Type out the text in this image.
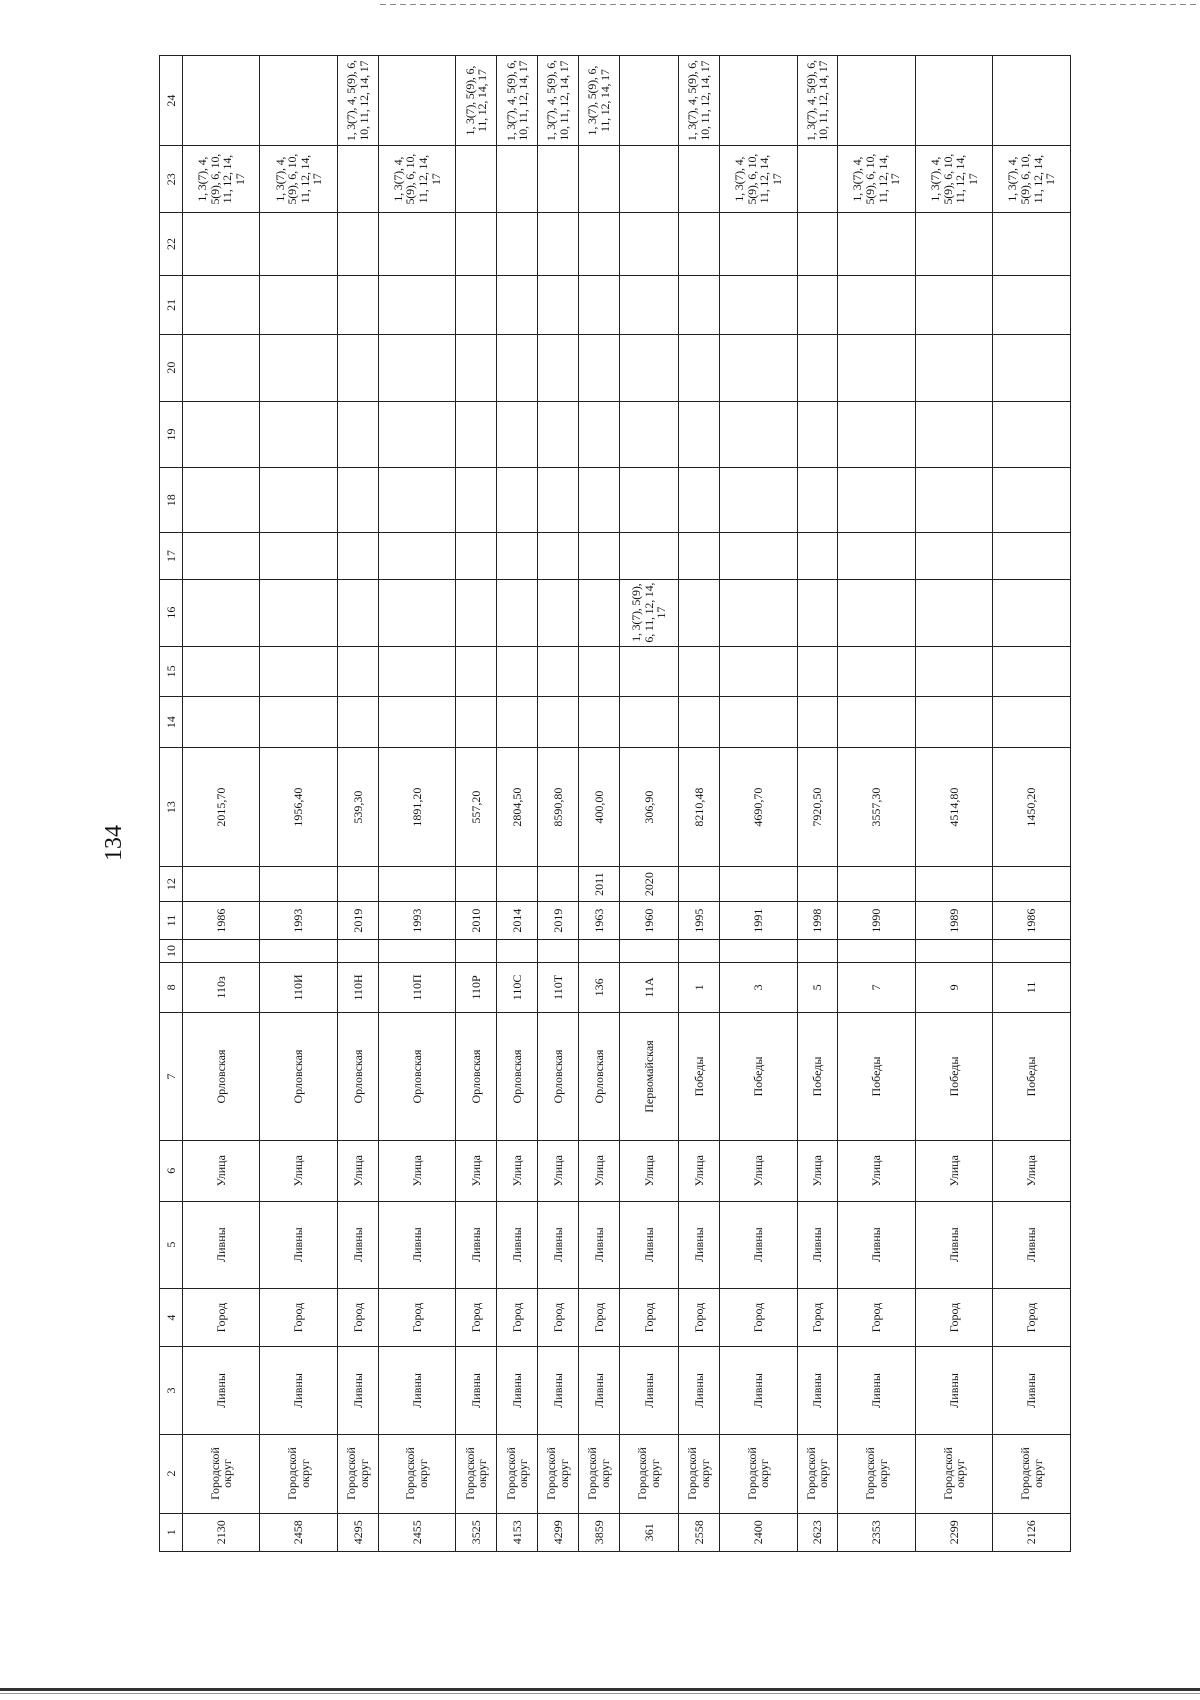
134
1	2	3	4	5	6	7	8	10	11	12	13	14	15	16	17	18	19	20	21	22	23	24
2130	Городской округ	Ливны	Город	Ливны	Улица	Орловская	110з		1986		2015,70										1, 3(7), 4, 5(9), 6, 10, 11, 12, 14, 17	
2458	Городской округ	Ливны	Город	Ливны	Улица	Орловская	110И		1993		1956,40										1, 3(7), 4, 5(9), 6, 10, 11, 12, 14, 17	
4295	Городской округ	Ливны	Город	Ливны	Улица	Орловская	110Н		2019		539,30											1, 3(7), 4, 5(9), 6, 10, 11, 12, 14, 17
2455	Городской округ	Ливны	Город	Ливны	Улица	Орловская	110П		1993		1891,20										1, 3(7), 4, 5(9), 6, 10, 11, 12, 14, 17	
3525	Городской округ	Ливны	Город	Ливны	Улица	Орловская	110Р		2010		557,20											1, 3(7), 5(9), 6, 11, 12, 14, 17
4153	Городской округ	Ливны	Город	Ливны	Улица	Орловская	110С		2014		2804,50											1, 3(7), 4, 5(9), 6, 10, 11, 12, 14, 17
4299	Городской округ	Ливны	Город	Ливны	Улица	Орловская	110Т		2019		8590,80											1, 3(7), 4, 5(9), 6, 10, 11, 12, 14, 17
3859	Городской округ	Ливны	Город	Ливны	Улица	Орловская	136		1963	2011	400,00											1, 3(7), 5(9), 6, 11, 12, 14, 17
361	Городской округ	Ливны	Город	Ливны	Улица	Первомайская	11А		1960	2020	306,90			1, 3(7), 5(9), 6, 11, 12, 14, 17								
2558	Городской округ	Ливны	Город	Ливны	Улица	Победы	1		1995		8210,48											1, 3(7), 4, 5(9), 6, 10, 11, 12, 14, 17
2400	Городской округ	Ливны	Город	Ливны	Улица	Победы	3		1991		4690,70										1, 3(7), 4, 5(9), 6, 10, 11, 12, 14, 17	
2623	Городской округ	Ливны	Город	Ливны	Улица	Победы	5		1998		7920,50											1, 3(7), 4, 5(9), 6, 10, 11, 12, 14, 17
2353	Городской округ	Ливны	Город	Ливны	Улица	Победы	7		1990		3557,30										1, 3(7), 4, 5(9), 6, 10, 11, 12, 14, 17	
2299	Городской округ	Ливны	Город	Ливны	Улица	Победы	9		1989		4514,80										1, 3(7), 4, 5(9), 6, 10, 11, 12, 14, 17	
2126	Городской округ	Ливны	Город	Ливны	Улица	Победы	11		1986		1450,20										1, 3(7), 4, 5(9), 6, 10, 11, 12, 14, 17	
